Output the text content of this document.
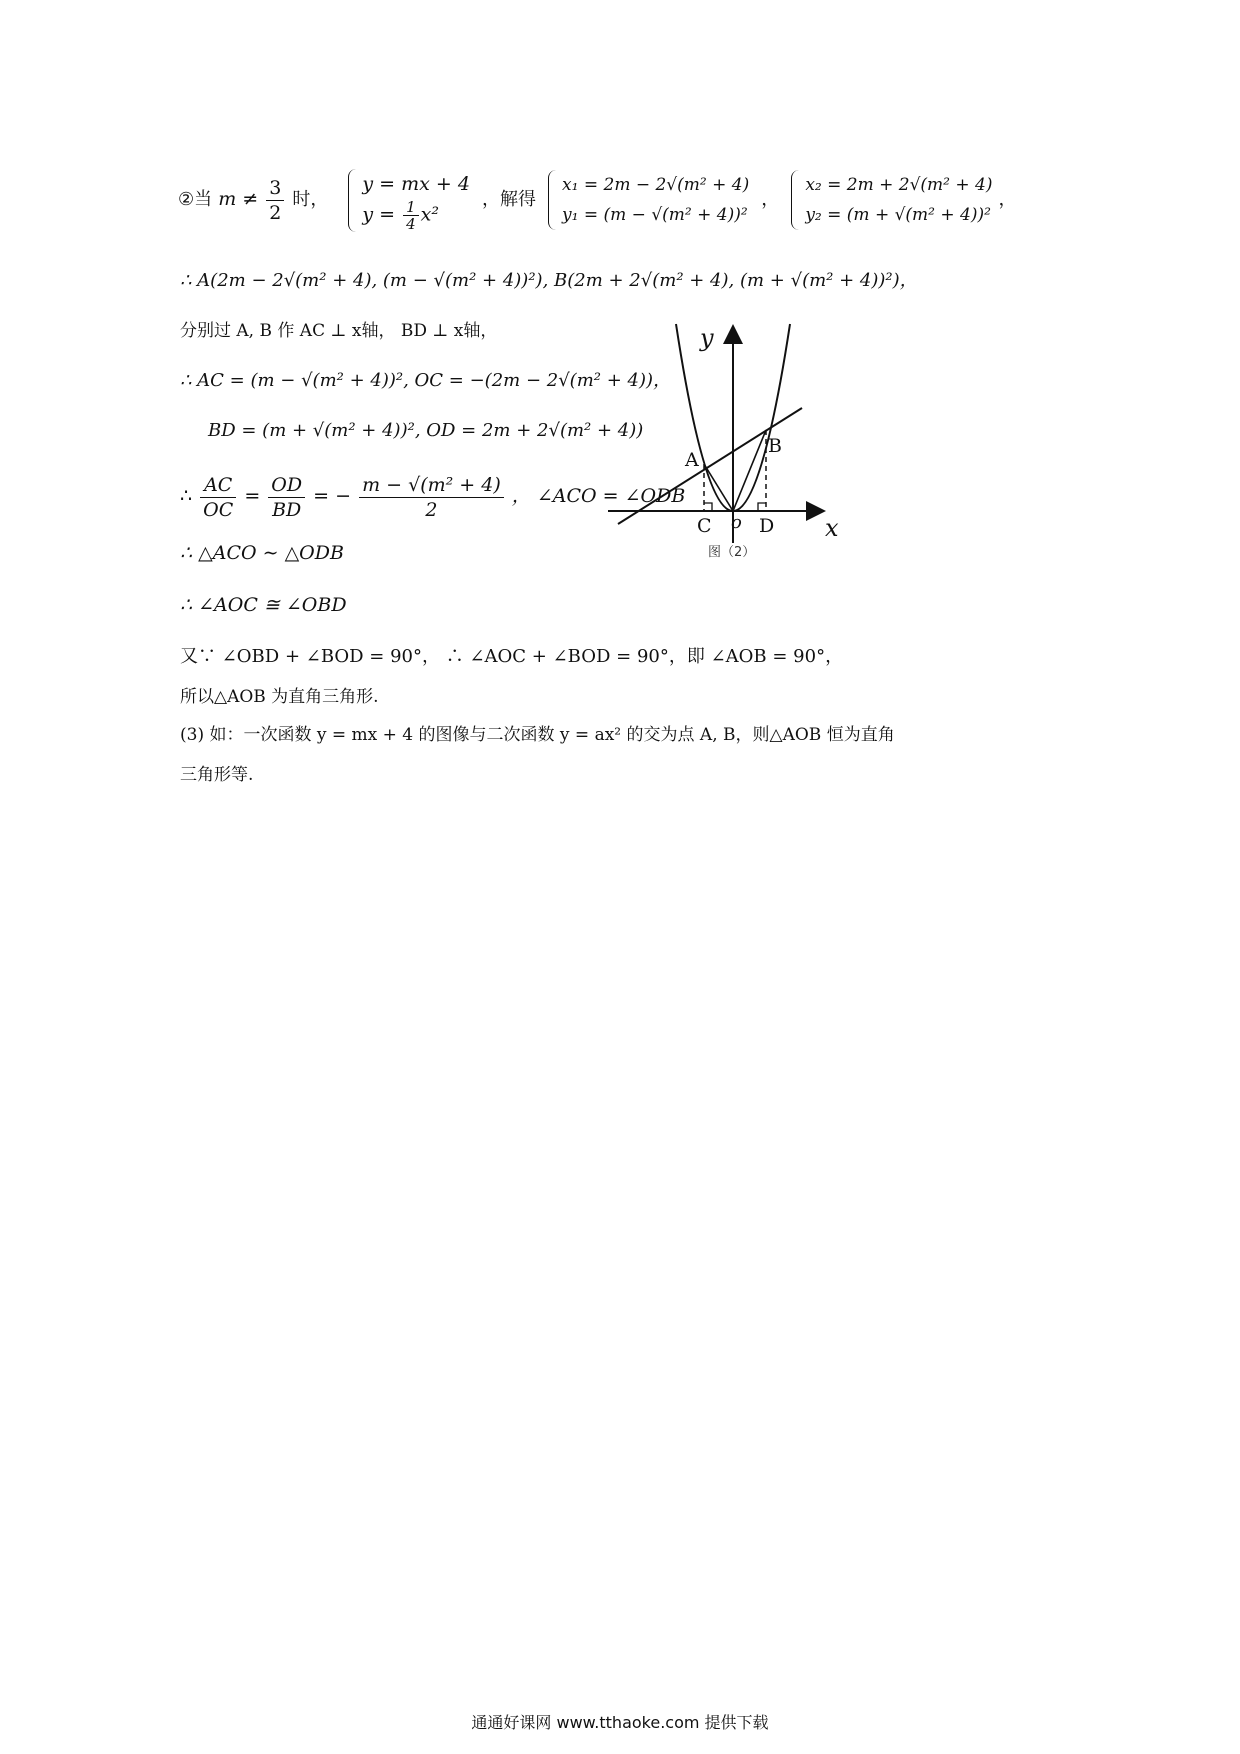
②当 $m \ne \frac{3}{2}$ 时，
y = mx + 4
$y = \frac{1}{4} x^2$
，解得
x₁ = 2m − 2√(m² + 4)
y₁ = (m − √(m² + 4))²
，
x₂ = 2m + 2√(m² + 4)
y₂ = (m + √(m² + 4))²
，
∴ A(2m − 2√(m² + 4), (m − √(m² + 4))²), B(2m + 2√(m² + 4), (m + √(m² + 4))²)，
分别过 A, B 作 AC ⊥ x轴， BD ⊥ x轴，
∴ AC = (m − √(m² + 4))², OC = −(2m − 2√(m² + 4))，
BD = (m + √(m² + 4))², OD = 2m + 2√(m² + 4))
∴ $\frac{AC}{OC} = \frac{OD}{BD}$ = − $\frac{\text{m − √(m² + 4)}}{2}$ ， ∠ACO = ∠ODB
∴ △ACO ∼ △ODB
∴ ∠AOC ≅ ∠OBD
又∵ ∠OBD + ∠BOD = 90°， ∴ ∠AOC + ∠BOD = 90°，即 ∠AOB = 90°，
所以△AOB 为直角三角形.
(3) 如：一次函数 y = mx + 4 的图像与二次函数 y = ax² 的交为点 A, B，则△AOB 恒为直角
三角形等.
y
x
A
B
C o D
图（2）
通通好课网 www.tthaoke.com 提供下载
